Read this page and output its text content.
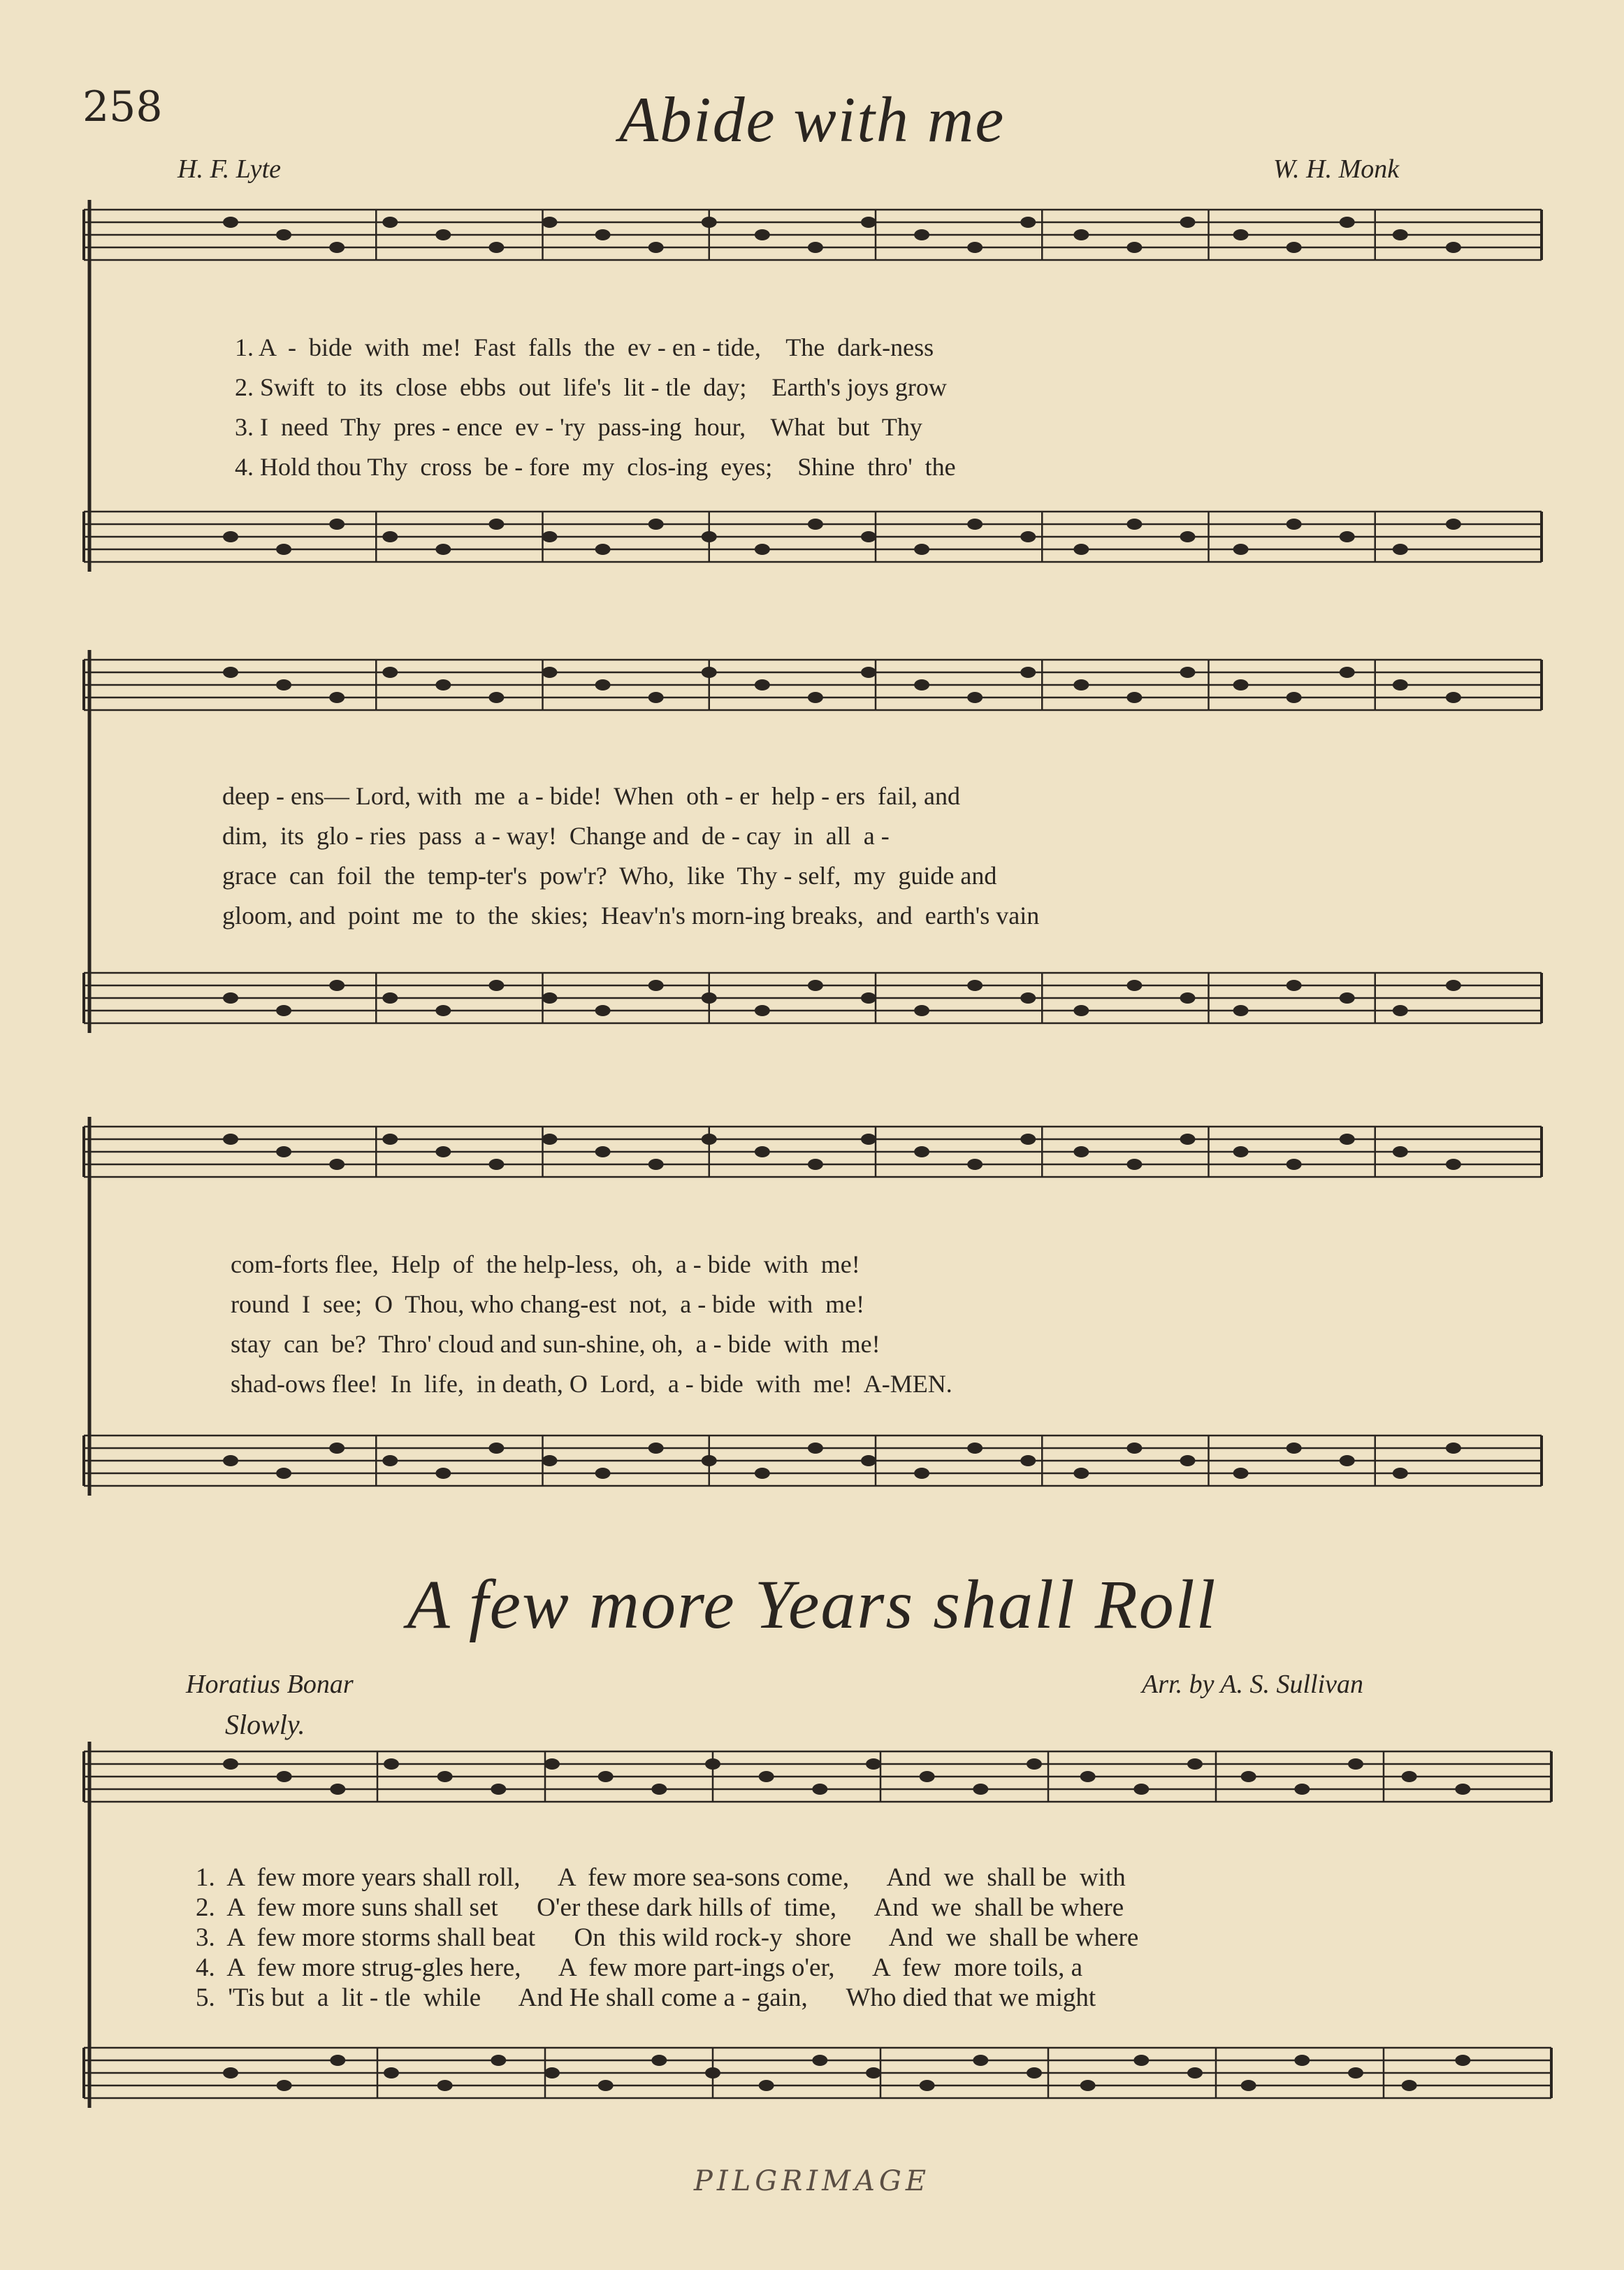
258	Abide with me
H. F. Lyte	W. H. Monk
1. A  -  bide  with  me!  Fast  falls  the  ev - en - tide,    The  dark-ness
2. Swift  to  its  close  ebbs  out  life's  lit - tle  day;    Earth's joys grow
3. I  need  Thy  pres - ence  ev - 'ry  pass-ing  hour,    What  but  Thy
4. Hold thou Thy  cross  be - fore  my  clos-ing  eyes;    Shine  thro'  the
deep - ens— Lord, with  me  a - bide!  When  oth - er  help - ers  fail, and
dim,  its  glo - ries  pass  a - way!  Change and  de - cay  in  all  a -
grace  can  foil  the  temp-ter's  pow'r?  Who,  like  Thy - self,  my  guide and
gloom, and  point  me  to  the  skies;  Heav'n's morn-ing breaks,  and  earth's vain
com-forts flee,  Help  of  the help-less,  oh,  a - bide  with  me!
round  I  see;  O  Thou, who chang-est  not,  a - bide  with  me!
stay  can  be?  Thro' cloud and sun-shine, oh,  a - bide  with  me!
shad-ows flee!  In  life,  in death, O  Lord,  a - bide  with  me!  A-MEN.
A few more Years shall Roll
Horatius Bonar	Arr. by A. S. Sullivan
Slowly.
1.  A  few more years shall roll,      A  few more sea-sons come,      And  we  shall be  with
2.  A  few more suns shall set      O'er these dark hills of  time,      And  we  shall be where
3.  A  few more storms shall beat      On  this wild rock-y  shore      And  we  shall be where
4.  A  few more strug-gles here,      A  few more part-ings o'er,      A  few  more toils, a
5.  'Tis but  a  lit - tle  while      And He shall come a - gain,      Who died that we might
PILGRIMAGE
